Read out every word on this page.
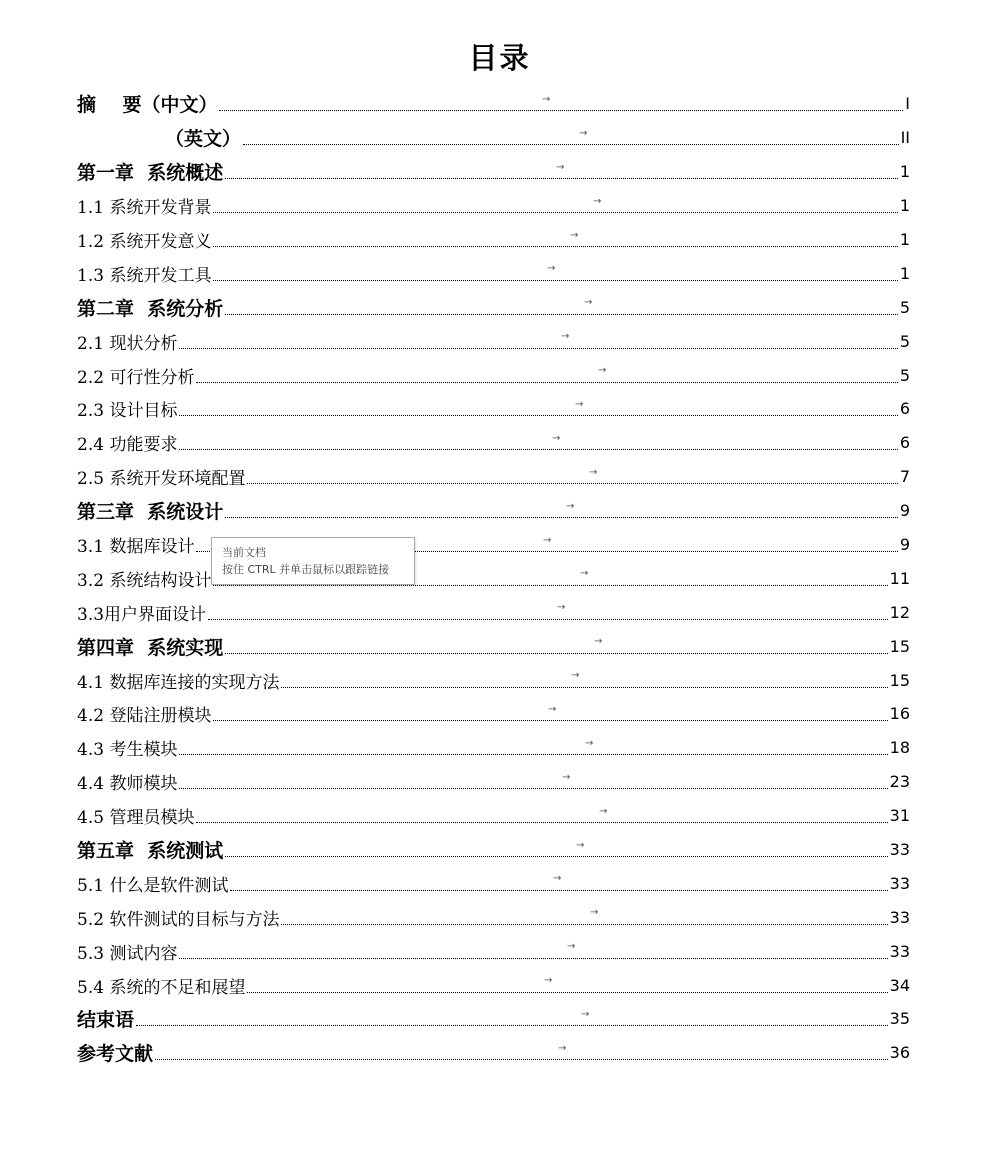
目录
摘    要（中文）	I
→
（英文）	II
→
第一章  系统概述	1
→
1.1 系统开发背景	1
→
1.2 系统开发意义	1
→
1.3 系统开发工具	1
→
第二章  系统分析	5
→
2.1 现状分析	5
→
2.2 可行性分析	5
→
2.3 设计目标	6
→
2.4 功能要求	6
→
2.5 系统开发环境配置	7
→
第三章  系统设计	9
→
3.1 数据库设计	9
→
3.2 系统结构设计	11
→
3.3用户界面设计	12
→
第四章  系统实现	15
→
4.1 数据库连接的实现方法	15
→
4.2 登陆注册模块	16
→
4.3 考生模块	18
→
4.4 教师模块	23
→
4.5 管理员模块	31
→
第五章  系统测试	33
→
5.1 什么是软件测试	33
→
5.2 软件测试的目标与方法	33
→
5.3 测试内容	33
→
5.4 系统的不足和展望	34
→
结束语	35
→
参考文献	36
→
当前文档
按住 CTRL 并单击鼠标以跟踪链接
